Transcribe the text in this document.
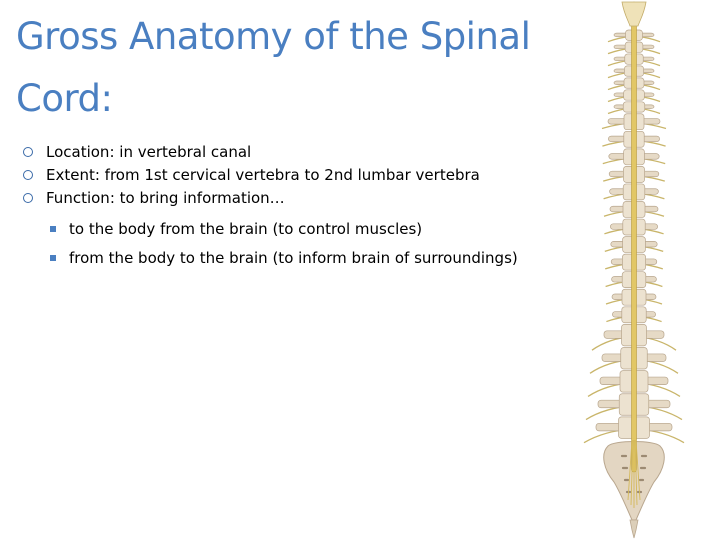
Gross Anatomy of the Spinal Cord:
Location: in vertebral canal
Extent: from 1st cervical vertebra to 2nd lumbar vertebra
Function: to bring information…
to the body from the brain (to control muscles)
from the body to the brain (to inform brain of surroundings)
